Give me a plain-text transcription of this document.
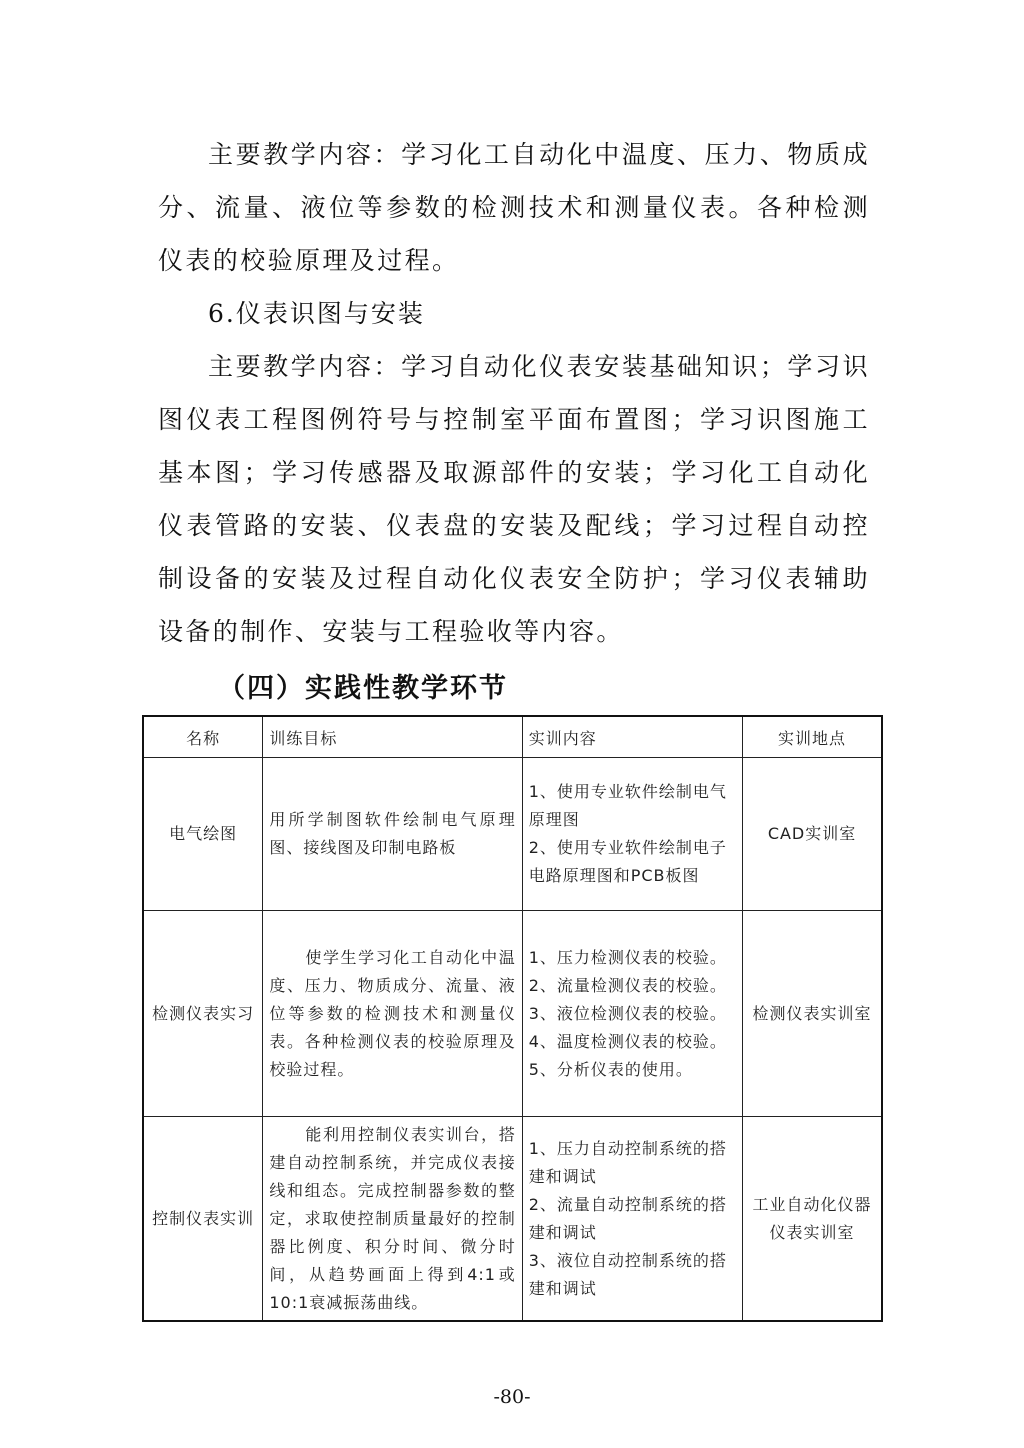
主要教学内容：学习化工自动化中温度、压力、物质成分、流量、液位等参数的检测技术和测量仪表。各种检测仪表的校验原理及过程。

6.仪表识图与安装

主要教学内容：学习自动化仪表安装基础知识；学习识图仪表工程图例符号与控制室平面布置图；学习识图施工基本图；学习传感器及取源部件的安装；学习化工自动化仪表管路的安装、仪表盘的安装及配线；学习过程自动控制设备的安装及过程自动化仪表安全防护；学习仪表辅助设备的制作、安装与工程验收等内容。

（四）实践性教学环节

名称	训练目标	实训内容	实训地点
电气绘图	用所学制图软件绘制电气原理图、接线图及印制电路板	1、使用专业软件绘制电气原理图
2、使用专业软件绘制电子电路原理图和PCB板图	CAD实训室
检测仪表实习	使学生学习化工自动化中温度、压力、物质成分、流量、液位等参数的检测技术和测量仪表。各种检测仪表的校验原理及校验过程。	1、压力检测仪表的校验。
2、流量检测仪表的校验。
3、液位检测仪表的校验。
4、温度检测仪表的校验。
5、分析仪表的使用。	检测仪表实训室
控制仪表实训	能利用控制仪表实训台，搭建自动控制系统，并完成仪表接线和组态。完成控制器参数的整定，求取使控制质量最好的控制器比例度、积分时间、微分时间，从趋势画面上得到4:1或10:1衰减振荡曲线。	1、压力自动控制系统的搭建和调试
2、流量自动控制系统的搭建和调试
3、液位自动控制系统的搭建和调试	工业自动化仪器仪表实训室

-80-
